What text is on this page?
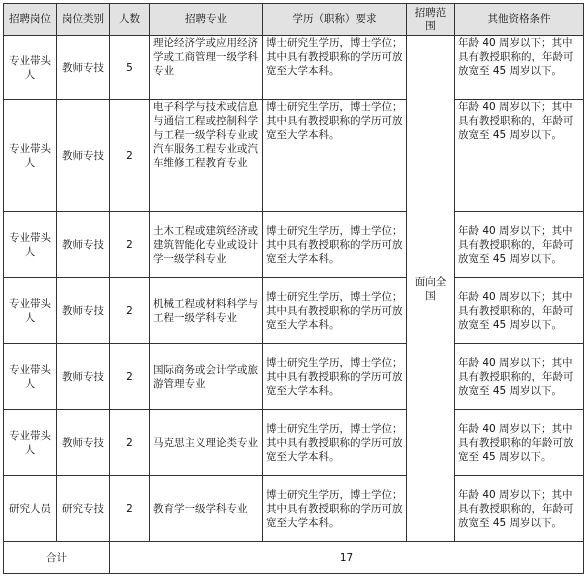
招聘岗位	岗位类别	人数	招聘专业	学历（职称）要求	招聘范围	其他资格条件
专业带头人	教师专技	5	理论经济学或应用经济学或工商管理一级学科专业	博士研究生学历，博士学位；其中具有教授职称的学历可放宽至大学本科。	面向全国	年龄 40 周岁以下；其中具有教授职称的，年龄可放宽至 45 周岁以下。
专业带头人	教师专技	2	电子科学与技术或信息与通信工程或控制科学与工程一级学科专业或汽车服务工程专业或汽车维修工程教育专业	博士研究生学历，博士学位；其中具有教授职称的学历可放宽至大学本科。		年龄 40 周岁以下；其中具有教授职称的，年龄可放宽至 45 周岁以下。
专业带头人	教师专技	2	土木工程或建筑经济或建筑智能化专业或设计学一级学科专业	博士研究生学历，博士学位；其中具有教授职称的学历可放宽至大学本科。		年龄 40 周岁以下；其中具有教授职称的，年龄可放宽至 45 周岁以下。
专业带头人	教师专技	2	机械工程或材料科学与工程一级学科专业	博士研究生学历，博士学位；其中具有教授职称的学历可放宽至大学本科。		年龄 40 周岁以下；其中具有教授职称的，年龄可放宽至 45 周岁以下。
专业带头人	教师专技	2	国际商务或会计学或旅游管理专业	博士研究生学历，博士学位；其中具有教授职称的学历可放宽至大学本科。		年龄 40 周岁以下；其中具有教授职称的，年龄可放宽至 45 周岁以下。
专业带头人	教师专技	2	马克思主义理论类专业	博士研究生学历，博士学位；其中具有教授职称的学历可放宽至大学本科。		年龄 40 周岁以下；其中具有教授职称的年龄可放宽至 45 周岁以下。
研究人员	研究专技	2	教育学一级学科专业	博士研究生学历，博士学位；其中具有教授职称的学历可放宽至大学本科。		年龄 40 周岁以下；其中具有教授职称的，年龄可放宽至 45 周岁以下。
合计		17				
